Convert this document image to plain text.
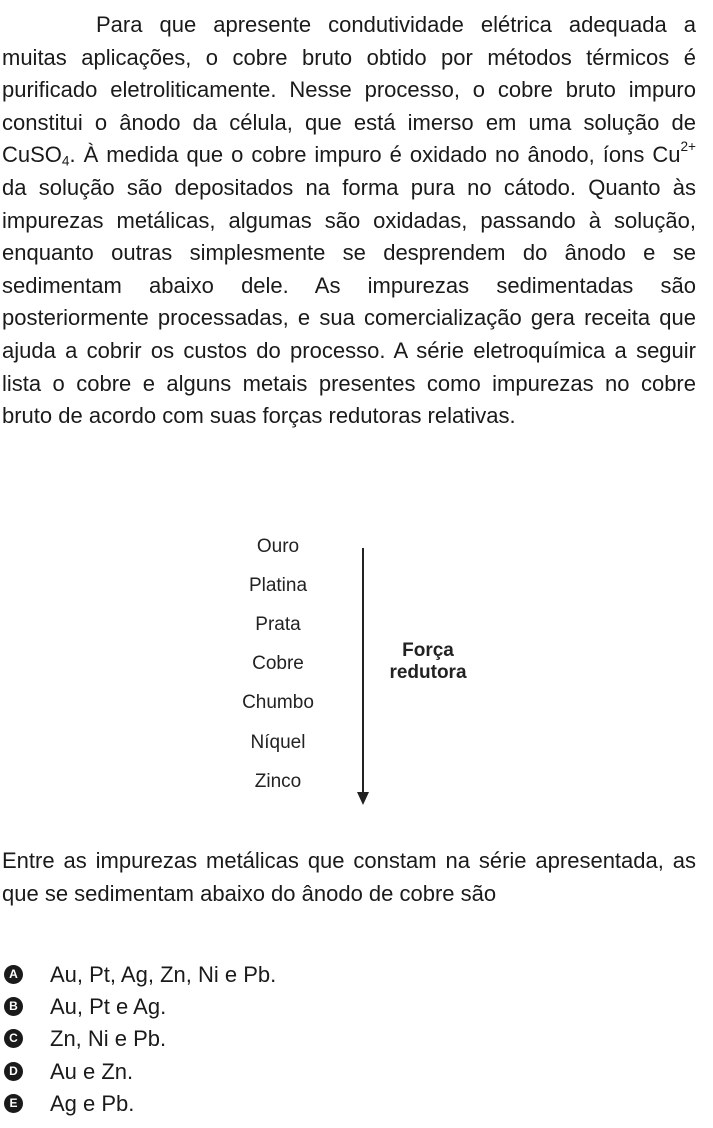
Para que apresente condutividade elétrica adequada a muitas aplicações, o cobre bruto obtido por métodos térmicos é purificado eletroliticamente. Nesse processo, o cobre bruto impuro constitui o ânodo da célula, que está imerso em uma solução de CuSO$_4$. À medida que o cobre impuro é oxidado no ânodo, íons $Cu^{2+}$ da solução são depositados na forma pura no cátodo. Quanto às impurezas metálicas, algumas são oxidadas, passando à solução, enquanto outras simplesmente se desprendem do ânodo e se sedimentam abaixo dele. As impurezas sedimentadas são posteriormente processadas, e sua comercialização gera receita que ajuda a cobrir os custos do processo. A série eletroquímica a seguir lista o cobre e alguns metais presentes como impurezas no cobre bruto de acordo com suas forças redutoras relativas.

Ouro
Platina
Prata
Cobre
Chumbo
Níquel
Zinco
Força
redutora

Entre as impurezas metálicas que constam na série apresentada, as que se sedimentam abaixo do ânodo de cobre são

A Au, Pt, Ag, Zn, Ni e Pb.
B Au, Pt e Ag.
C Zn, Ni e Pb.
D Au e Zn.
E Ag e Pb.
